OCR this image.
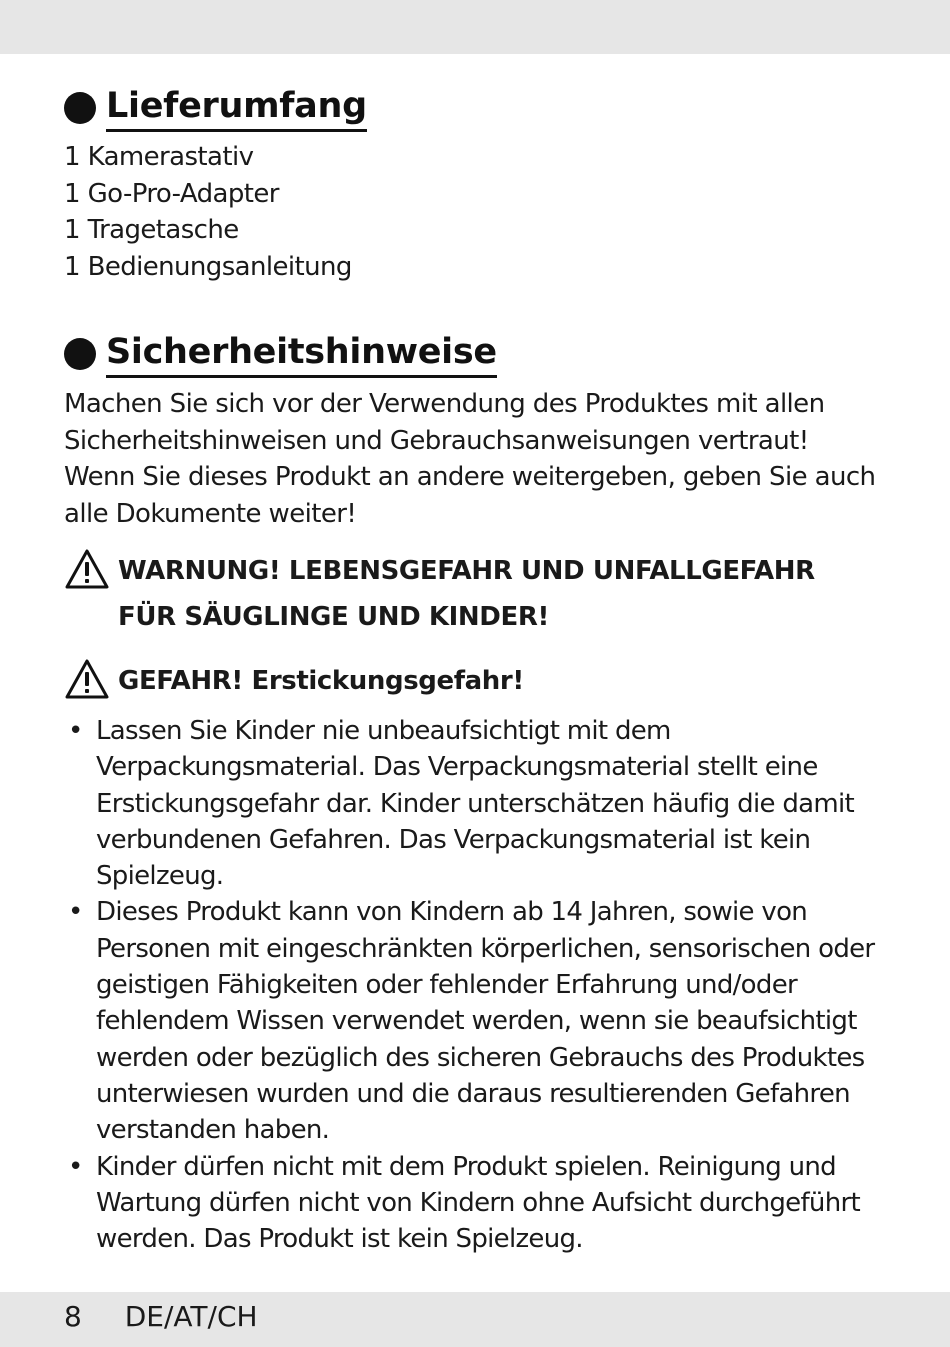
Lieferumfang
1 Kamerastativ
1 Go-Pro-Adapter
1 Tragetasche
1 Bedienungsanleitung
Sicherheitshinweise

Machen Sie sich vor der Verwendung des Produktes mit allen Sicherheitshinweisen und Gebrauchsanweisungen vertraut! Wenn Sie dieses Produkt an andere weitergeben, geben Sie auch alle Dokumente weiter!

WARNUNG! LEBENSGEFAHR UND UNFALLGEFAHR
FÜR SÄUGLINGE UND KINDER!
GEFAHR! Erstickungsgefahr!
• Lassen Sie Kinder nie unbeaufsichtigt mit dem Verpackungsmaterial. Das Verpackungsmaterial stellt eine Erstickungsgefahr dar. Kinder unterschätzen häufig die damit verbundenen Gefahren. Das Verpackungsmaterial ist kein Spielzeug.
• Dieses Produkt kann von Kindern ab 14 Jahren, sowie von Personen mit eingeschränkten körperlichen, sensorischen oder geistigen Fähigkeiten oder fehlender Erfahrung und/oder fehlendem Wissen verwendet werden, wenn sie beaufsichtigt werden oder bezüglich des sicheren Gebrauchs des Produktes unterwiesen wurden und die daraus resultierenden Gefahren verstanden haben.
• Kinder dürfen nicht mit dem Produkt spielen. Reinigung und Wartung dürfen nicht von Kindern ohne Aufsicht durchgeführt werden. Das Produkt ist kein Spielzeug.
8 DE/AT/CH
